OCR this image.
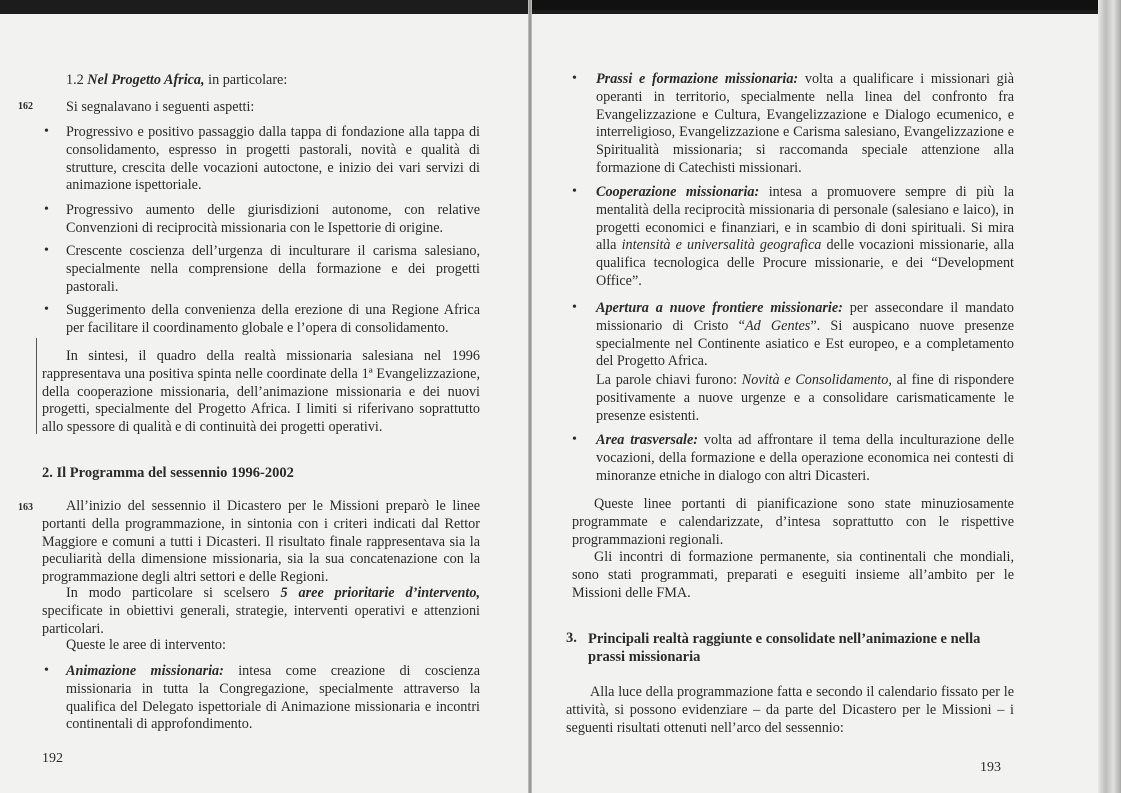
1.2 Nel Progetto Africa, in particolare:
162 Si segnalavano i seguenti aspetti:
• Progressivo e positivo passaggio dalla tappa di fondazione alla tappa di consolidamento, espresso in progetti pastorali, novità e qualità di strutture, crescita delle vocazioni autoctone, e inizio dei vari servizi di animazione ispettoriale.
• Progressivo aumento delle giurisdizioni autonome, con relative Convenzioni di reciprocità missionaria con le Ispettorie di origine.
• Crescente coscienza dell’urgenza di inculturare il carisma salesiano, specialmente nella comprensione della formazione e dei progetti pastorali.
• Suggerimento della convenienza della erezione di una Regione Africa per facilitare il coordinamento globale e l’opera di consolidamento.
In sintesi, il quadro della realtà missionaria salesiana nel 1996 rappresentava una positiva spinta nelle coordinate della 1ª Evangelizzazione, della cooperazione missionaria, dell’animazione missionaria e dei nuovi progetti, specialmente del Progetto Africa. I limiti si riferivano soprattutto allo spessore di qualità e di continuità dei progetti operativi.
2. Il Programma del sessennio 1996-2002
163	All’inizio del sessennio il Dicastero per le Missioni preparò le linee portanti della programmazione, in sintonia con i criteri indicati dal Rettor Maggiore e comuni a tutti i Dicasteri. Il risultato finale rappresentava sia la peculiarità della dimensione missionaria, sia la sua concatenazione con la programmazione degli altri settori e delle Regioni.
In modo particolare si scelsero 5 aree prioritarie d’intervento, specificate in obiettivi generali, strategie, interventi operativi e attenzioni particolari.
Queste le aree di intervento:
• Animazione missionaria: intesa come creazione di coscienza missionaria in tutta la Congregazione, specialmente attraverso la qualifica del Delegato ispettoriale di Animazione missionaria e incontri continentali di approfondimento.
192
• Prassi e formazione missionaria: volta a qualificare i missionari già operanti in territorio, specialmente nella linea del confronto fra Evangelizzazione e Cultura, Evangelizzazione e Dialogo ecumenico, e interreligioso, Evangelizzazione e Carisma salesiano, Evangelizzazione e Spiritualità missionaria; si raccomanda speciale attenzione alla formazione di Catechisti missionari.
• Cooperazione missionaria: intesa a promuovere sempre di più la mentalità della reciprocità missionaria di personale (salesiano e laico), in progetti economici e finanziari, e in scambio di doni spirituali. Si mira alla intensità e universalità geografica delle vocazioni missionarie, alla qualifica tecnologica delle Procure missionarie, e dei “Development Office”.
• Apertura a nuove frontiere missionarie: per assecondare il mandato missionario di Cristo “Ad Gentes”. Si auspicano nuove presenze specialmente nel Continente asiatico e Est europeo, e a completamento del Progetto Africa.
La parole chiavi furono: Novità e Consolidamento, al fine di rispondere positivamente a nuove urgenze e a consolidare carismaticamente le presenze esistenti.
• Area trasversale: volta ad affrontare il tema della inculturazione delle vocazioni, della formazione e della operazione economica nei contesti di minoranze etniche in dialogo con altri Dicasteri.
Queste linee portanti di pianificazione sono state minuziosamente programmate e calendarizzate, d’intesa soprattutto con le rispettive programmazioni regionali.
Gli incontri di formazione permanente, sia continentali che mondiali, sono stati programmati, preparati e eseguiti insieme all’ambito per le Missioni delle FMA.
3. Principali realtà raggiunte e consolidate nell’animazione e nella prassi missionaria
Alla luce della programmazione fatta e secondo il calendario fissato per le attività, si possono evidenziare – da parte del Dicastero per le Missioni – i seguenti risultati ottenuti nell’arco del sessennio:
193
